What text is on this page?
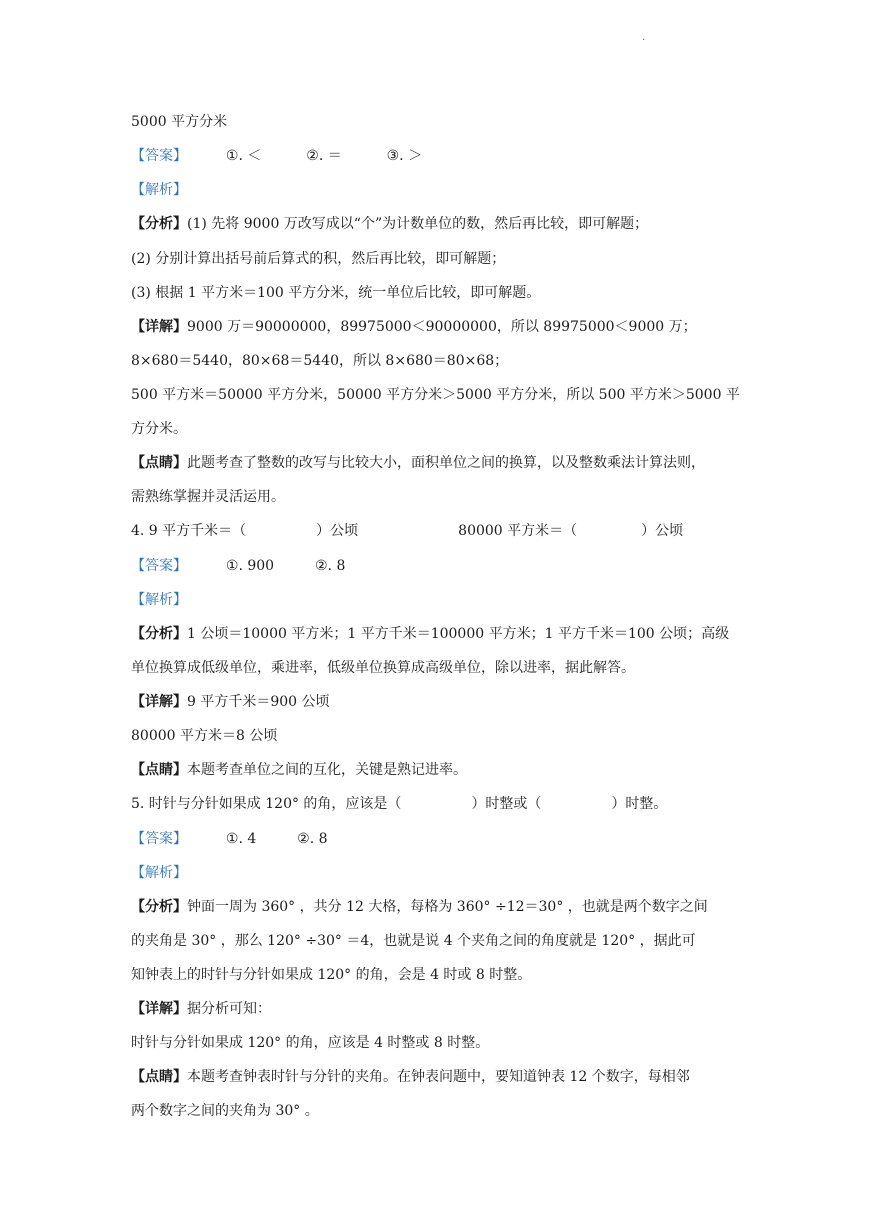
.
5000 平方分米
【答案】	①. ＜	②. ＝	③. ＞
【解析】
【分析】(1) 先将 9000 万改写成以“个”为计数单位的数，然后再比较，即可解题；
(2) 分别计算出括号前后算式的积，然后再比较，即可解题；
(3) 根据 1 平方米＝100 平方分米，统一单位后比较，即可解题。
【详解】9000 万＝90000000，89975000＜90000000，所以 89975000＜9000 万；
8×680＝5440，80×68＝5440，所以 8×680＝80×68；
500 平方米＝50000 平方分米，50000 平方分米＞5000 平方分米，所以 500 平方米＞5000 平
方分米。
【点睛】此题考查了整数的改写与比较大小，面积单位之间的换算，以及整数乘法计算法则，
需熟练掌握并灵活运用。
4. 9 平方千米＝（	）公顷	80000 平方米＝（	）公顷
【答案】	①. 900	②. 8
【解析】
【分析】1 公顷＝10000 平方米；1 平方千米＝100000 平方米；1 平方千米＝100 公顷；高级
单位换算成低级单位，乘进率，低级单位换算成高级单位，除以进率，据此解答。
【详解】9 平方千米＝900 公顷
80000 平方米＝8 公顷
【点睛】本题考查单位之间的互化，关键是熟记进率。
5. 时针与分针如果成 120° 的角，应该是（	）时整或（	）时整。
【答案】	①. 4	②. 8
【解析】
【分析】钟面一周为 360° ，共分 12 大格，每格为 360° ÷12＝30° ，也就是两个数字之间
的夹角是 30° ，那么 120° ÷30° ＝4，也就是说 4 个夹角之间的角度就是 120° ，据此可
知钟表上的时针与分针如果成 120° 的角，会是 4 时或 8 时整。
【详解】据分析可知：
时针与分针如果成 120° 的角，应该是 4 时整或 8 时整。
【点睛】本题考查钟表时针与分针的夹角。在钟表问题中，要知道钟表 12 个数字，每相邻
两个数字之间的夹角为 30° 。
